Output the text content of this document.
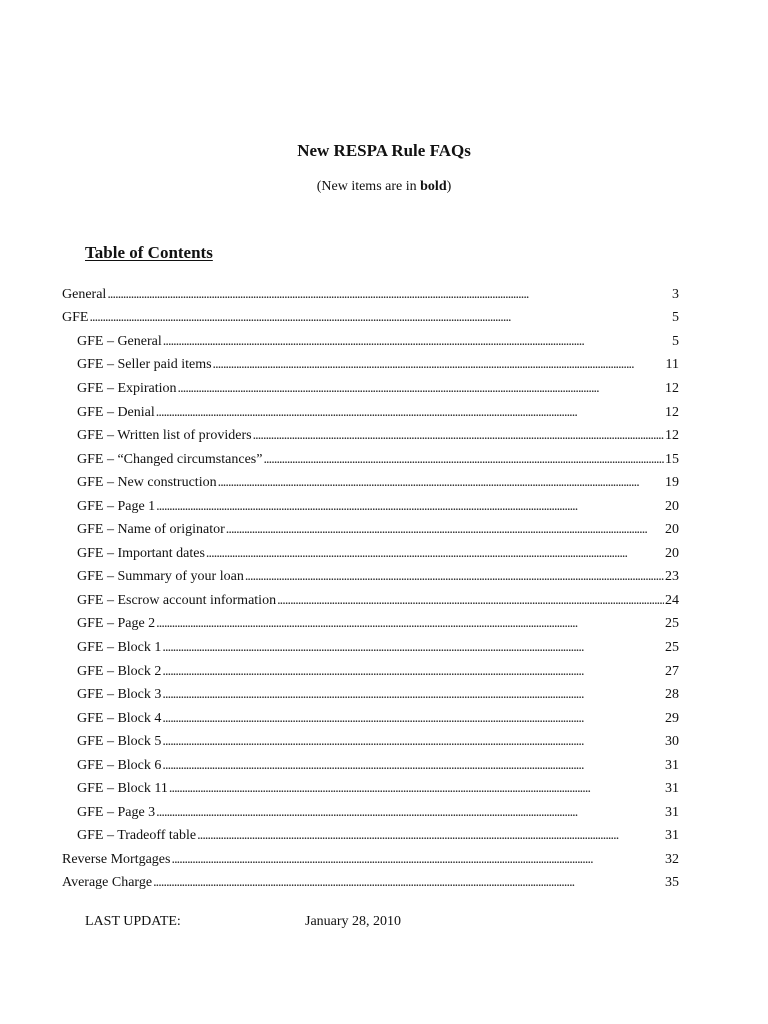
New RESPA Rule FAQs
(New items are in bold)
Table of Contents
General . . .	3
GFE . . .	5
GFE – General . . .	5
GFE – Seller paid items . . .	11
GFE – Expiration . . .	12
GFE – Denial . . .	12
GFE – Written list of providers . . .	12
GFE – “Changed circumstances” . . .	15
GFE – New construction . . .	19
GFE – Page 1 . . .	20
GFE – Name of originator . . .	20
GFE – Important dates . . .	20
GFE – Summary of your loan . . .	23
GFE – Escrow account information . . .	24
GFE – Page 2 . . .	25
GFE – Block 1 . . .	25
GFE – Block 2 . . .	27
GFE – Block 3 . . .	28
GFE – Block 4 . . .	29
GFE – Block 5 . . .	30
GFE – Block 6 . . .	31
GFE – Block 11 . . .	31
GFE – Page 3 . . .	31
GFE – Tradeoff table . . .	31
Reverse Mortgages . . .	32
Average Charge . . .	35
LAST UPDATE:	January 28, 2010
